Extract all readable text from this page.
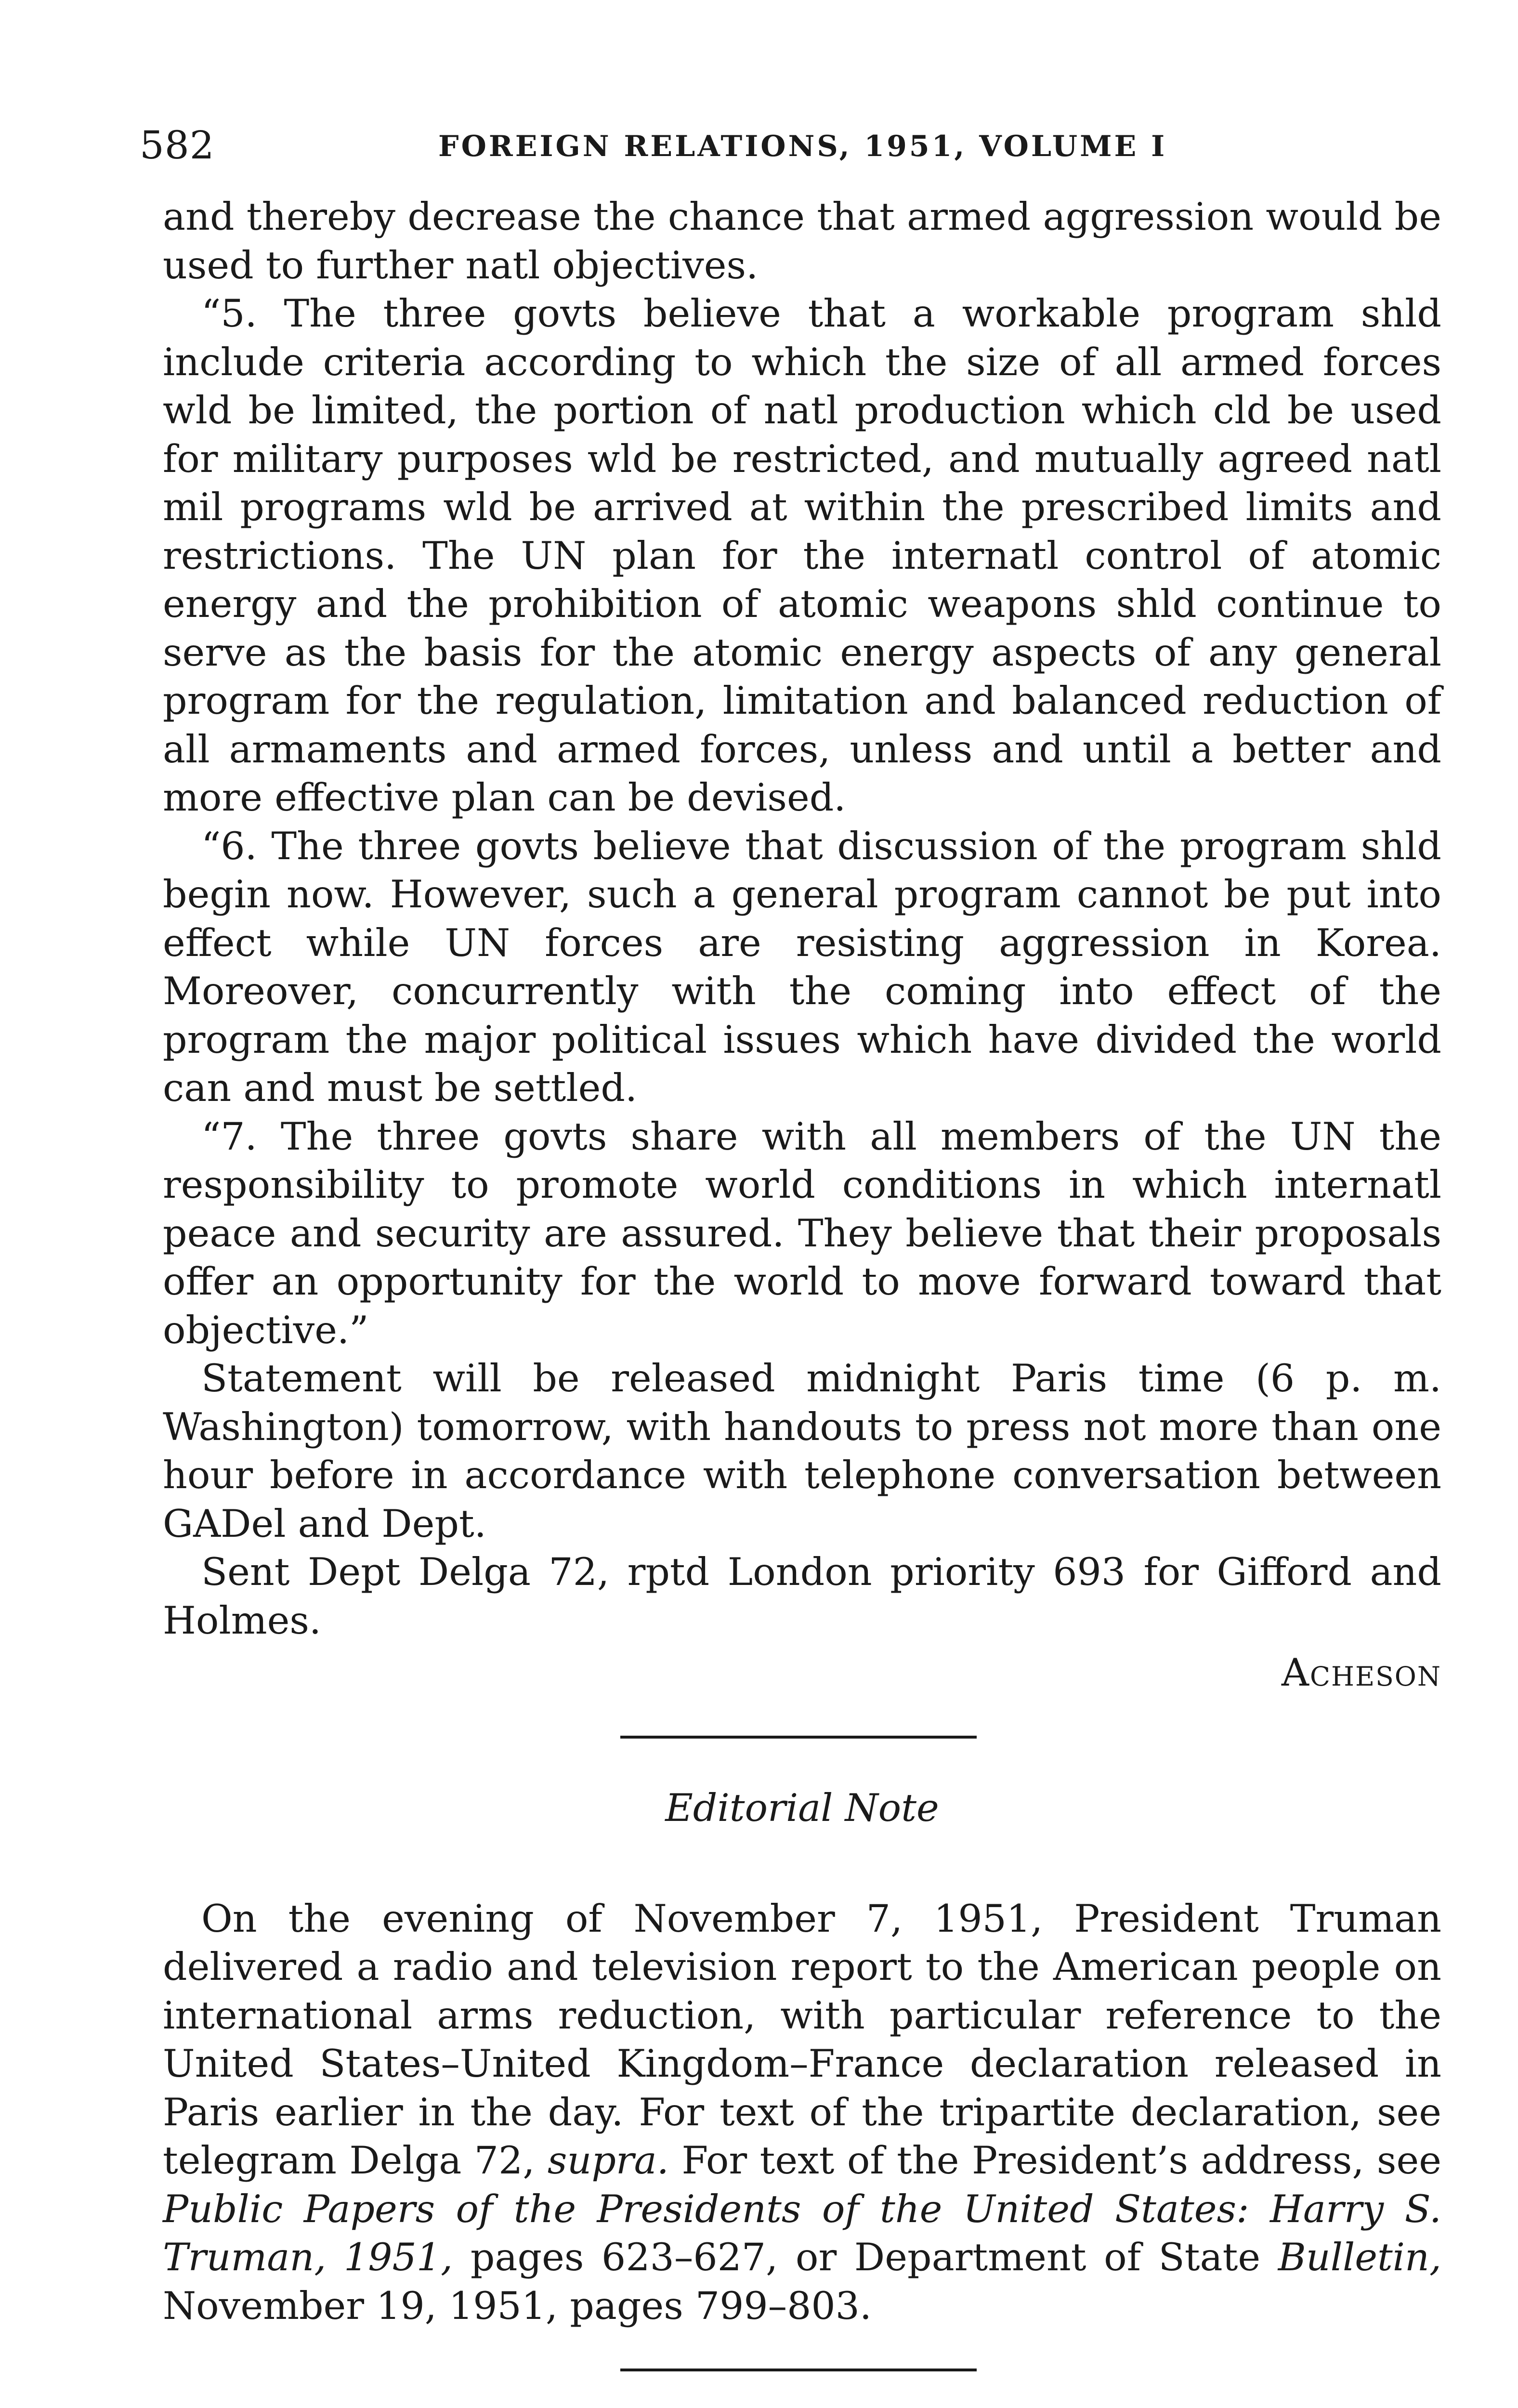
582	FOREIGN RELATIONS, 1951, VOLUME I

and thereby decrease the chance that armed aggression would be used to further natl objectives.

“5. The three govts believe that a workable program shld include criteria according to which the size of all armed forces wld be limited, the portion of natl production which cld be used for military purposes wld be restricted, and mutually agreed natl mil programs wld be arrived at within the prescribed limits and restrictions. The UN plan for the internatl control of atomic energy and the prohibition of atomic weapons shld continue to serve as the basis for the atomic energy aspects of any general program for the regulation, limitation and balanced reduction of all armaments and armed forces, unless and until a better and more effective plan can be devised.

“6. The three govts believe that discussion of the program shld begin now. However, such a general program cannot be put into effect while UN forces are resisting aggression in Korea. Moreover, concurrently with the coming into effect of the program the major political issues which have divided the world can and must be settled.

“7. The three govts share with all members of the UN the responsibility to promote world conditions in which internatl peace and security are assured. They believe that their proposals offer an opportunity for the world to move forward toward that objective.”

Statement will be released midnight Paris time (6 p. m. Washington) tomorrow, with handouts to press not more than one hour before in accordance with telephone conversation between GADel and Dept.

Sent Dept Delga 72, rptd London priority 693 for Gifford and Holmes.

Acheson

Editorial Note

On the evening of November 7, 1951, President Truman delivered a radio and television report to the American people on international arms reduction, with particular reference to the United States–United Kingdom–France declaration released in Paris earlier in the day. For text of the tripartite declaration, see telegram Delga 72, supra. For text of the President’s address, see Public Papers of the Presidents of the United States: Harry S. Truman, 1951, pages 623–627, or Department of State Bulletin, November 19, 1951, pages 799–803.
